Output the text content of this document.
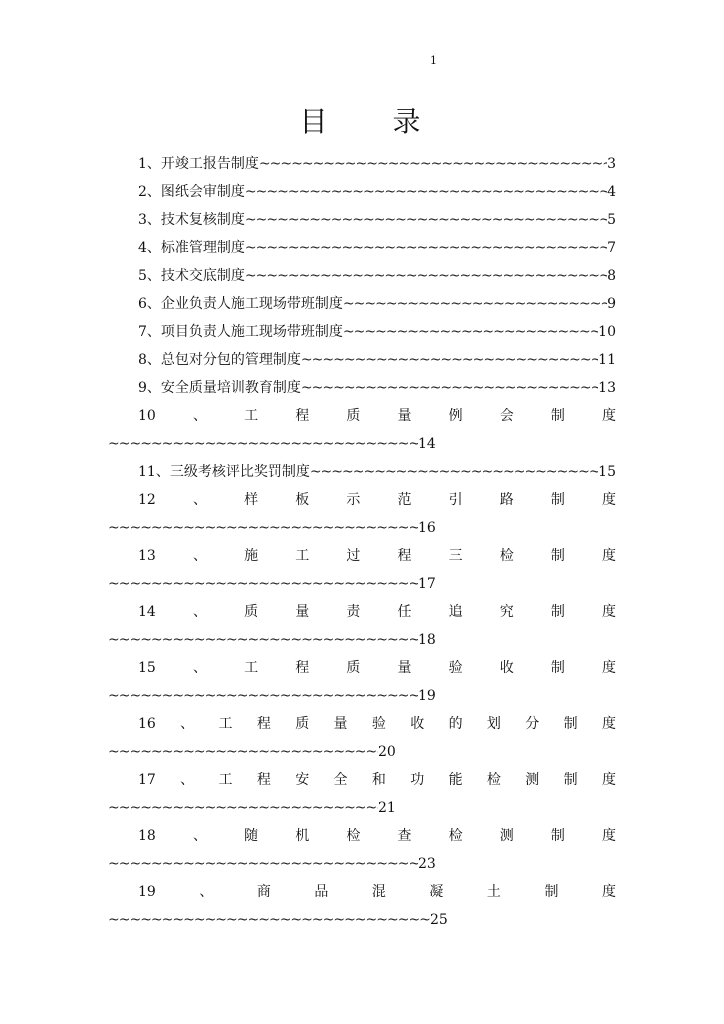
1
目 录
1、开竣工报告制度 ~~~~~	3
2、图纸会审制度 ~~~~~	4
3、技术复核制度 ~~~~~	5
4、标准管理制度 ~~~~~	7
5、技术交底制度 ~~~~~	8
6、企业负责人施工现场带班制度 ~~~~~	9
7、项目负责人施工现场带班制度 ~~~~~	10
8、总包对分包的管理制度 ~~~~~	11
9、安全质量培训教育制度 ~~~~~	13
10	、	工	程	质	量	例	会	制	度
~~~~~14
11、三级考核评比奖罚制度 ~~~~~	15
12	、	样	板	示	范	引	路	制	度
~~~~~16
13	、	施	工	过	程	三	检	制	度
~~~~~17
14	、	质	量	责	任	追	究	制	度
~~~~~18
15	、	工	程	质	量	验	收	制	度
~~~~~19
16 、 工 程 质 量 验 收 的 划 分 制 度
~~~~~20
17 、 工 程 安 全 和 功 能 检 测 制 度
~~~~~21
18	、	随	机	检	查	检	测	制	度
~~~~~23
19	、	商	品	混	凝	土	制	度
~~~~~25
